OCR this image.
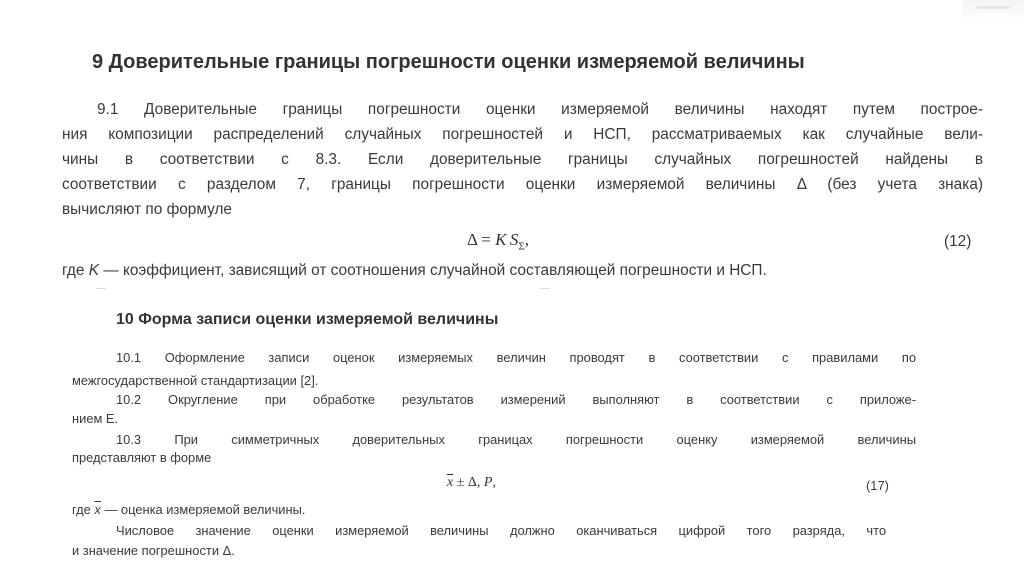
9 Доверительные границы погрешности оценки измеряемой величины
9.1 Доверительные границы погрешности оценки измеряемой величины находят путем построе-
ния композиции распределений случайных погрешностей и НСП, рассматриваемых как случайные вели-
чины в соответствии с 8.3. Если доверительные границы случайных погрешностей найдены в
соответствии с разделом 7, границы погрешности оценки измеряемой величины Δ (без учета знака)
вычисляют по формуле
Δ = K  $S_\Sigma$,	(12)
где K — коэффициент, зависящий от соотношения случайной составляющей погрешности и НСП.
10 Форма записи оценки измеряемой величины
10.1 Оформление записи оценок измеряемых величин проводят в соответствии с правилами по
межгосударственной стандартизации [2].
10.2 Округление при обработке результатов измерений выполняют в соответствии с приложе-
нием Е.
10.3 При симметричных доверительных границах погрешности оценку измеряемой величины
представляют в форме
$\overline{x} \pm \Delta$, P,	(17)
где $\overline{x}$ — оценка измеряемой величины.
Числовое значение оценки измеряемой величины должно оканчиваться цифрой того разряда, что
и значение погрешности Δ.
